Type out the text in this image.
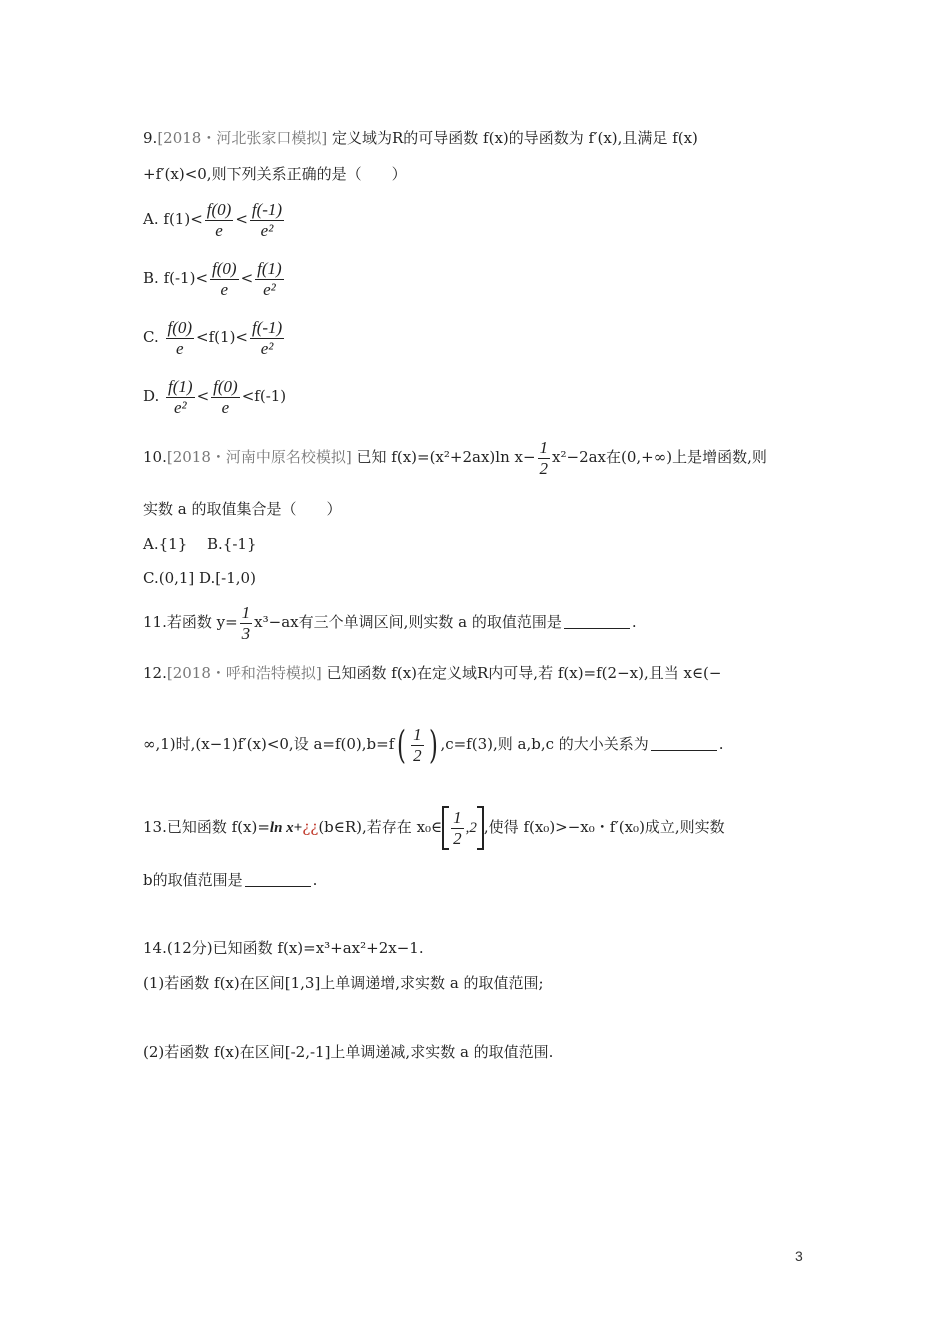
9.[2018・河北张家口模拟] 定义域为R的可导函数 f(x)的导函数为 f′(x),且满足 f(x)
+f′(x)<0,则下列关系正确的是（　　）
A. $f(1)< \frac{f(0)}{e} < \frac{f(-1)}{\text{e²}}$
B. $f(-1)< \frac{f(0)}{e} < \frac{f(1)}{\text{e²}}$
C. $\frac{f(0)}{e} <f(1)< \frac{f(-1)}{\text{e²}}$
D. $\frac{f(1)}{\text{e²}} < \frac{f(0)}{e} <f(-1)$
10.[2018・河南中原名校模拟] 已知 f(x)=(x²+2ax)ln $x- \frac{1}{2} x^2-2ax$在(0,+∞)上是增函数,则
实数 a 的取值集合是（　　）
A.{1}　 B.{-1}
C.(0,1] D.[-1,0)
11.若函数 $y= \frac{1}{3} x^3-ax$有三个单调区间,则实数 a 的取值范围是	.
12.[2018・呼和浩特模拟] 已知函数 f(x)在定义域R内可导,若 f(x)=f(2−x),且当 x∈(−
∞,1)时,(x−1)f′(x)<0,设 $a=f(0),b=f( \frac{1}{2}$ ) ,c=f(3),则 a,b,c 的大小关系为	.
13.已知函数 f(x)=ln x+¿¿(b∈R),若存在 x₀∈ $\frac{1}{2} ,2$ ,使得 f(x₀)>−x₀・f′(x₀)成立,则实数
b的取值范围是	.
14.(12分)已知函数 f(x)=x³+ax²+2x−1.
(1)若函数 f(x)在区间[1,3]上单调递增,求实数 a 的取值范围;
(2)若函数 f(x)在区间[-2,-1]上单调递减,求实数 a 的取值范围.
3
